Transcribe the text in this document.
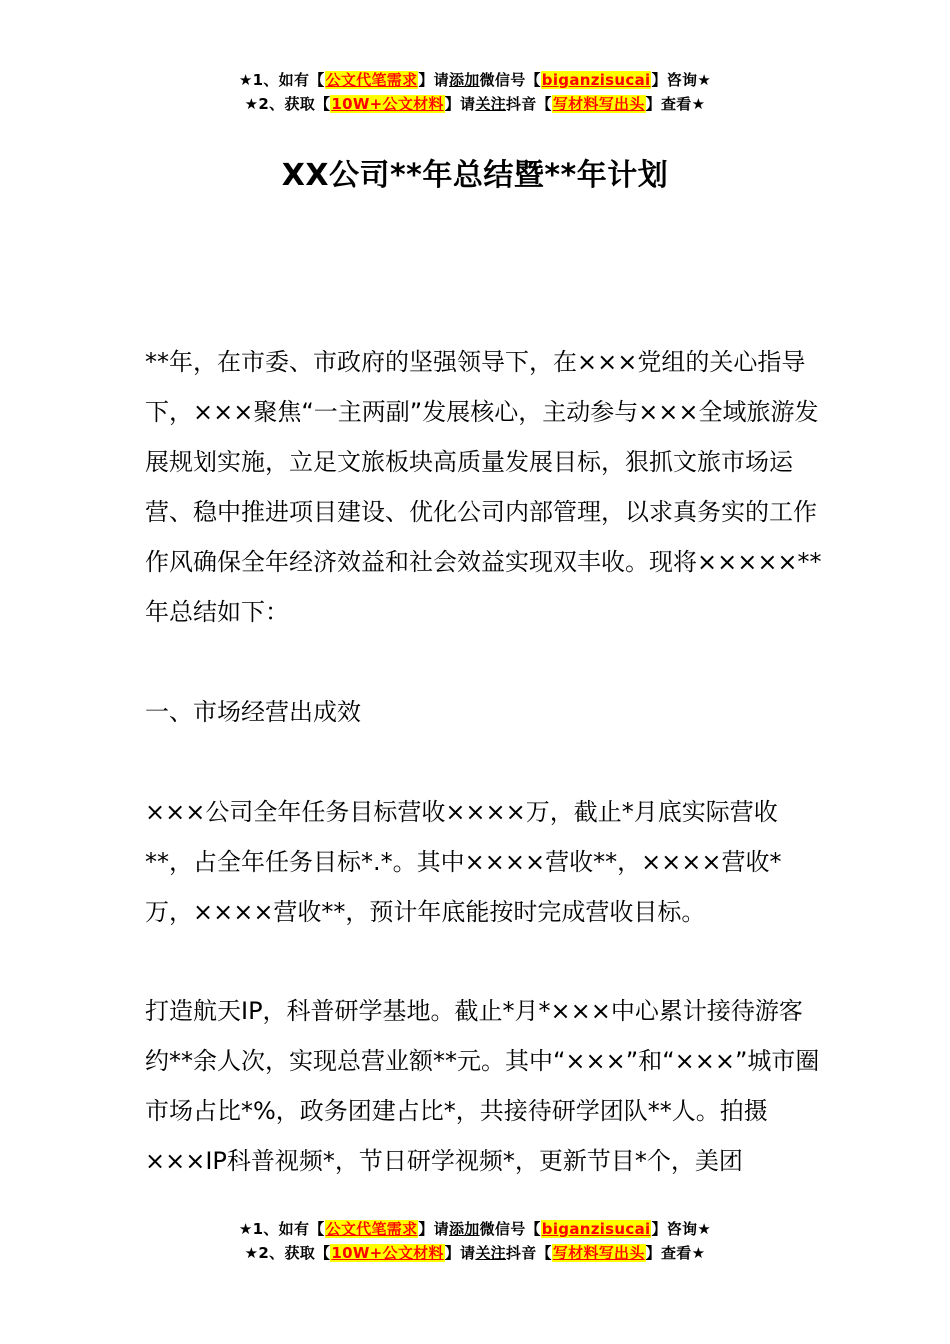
★1、如有【公文代笔需求】请添加微信号【biganzisucai】咨询★
★2、获取【10W+公文材料】请关注抖音【写材料写出头】查看★
XX公司**年总结暨**年计划

**年，在市委、市政府的坚强领导下，在×××党组的关心指导下，×××聚焦“一主两副”发展核心，主动参与×××全域旅游发展规划实施，立足文旅板块高质量发展目标，狠抓文旅市场运营、稳中推进项目建设、优化公司内部管理，以求真务实的工作作风确保全年经济效益和社会效益实现双丰收。现将×××××**年总结如下：

一、市场经营出成效

×××公司全年任务目标营收××××万，截止*月底实际营收**，占全年任务目标*.*。其中××××营收**，××××营收*万，××××营收**，预计年底能按时完成营收目标。

打造航天IP，科普研学基地。截止*月*×××中心累计接待游客约**余人次，实现总营业额**元。其中“×××”和“×××”城市圈市场占比*%，政务团建占比*，共接待研学团队**人。拍摄×××IP科普视频*，节日研学视频*，更新节目*个，美团

★1、如有【公文代笔需求】请添加微信号【biganzisucai】咨询★
★2、获取【10W+公文材料】请关注抖音【写材料写出头】查看★
